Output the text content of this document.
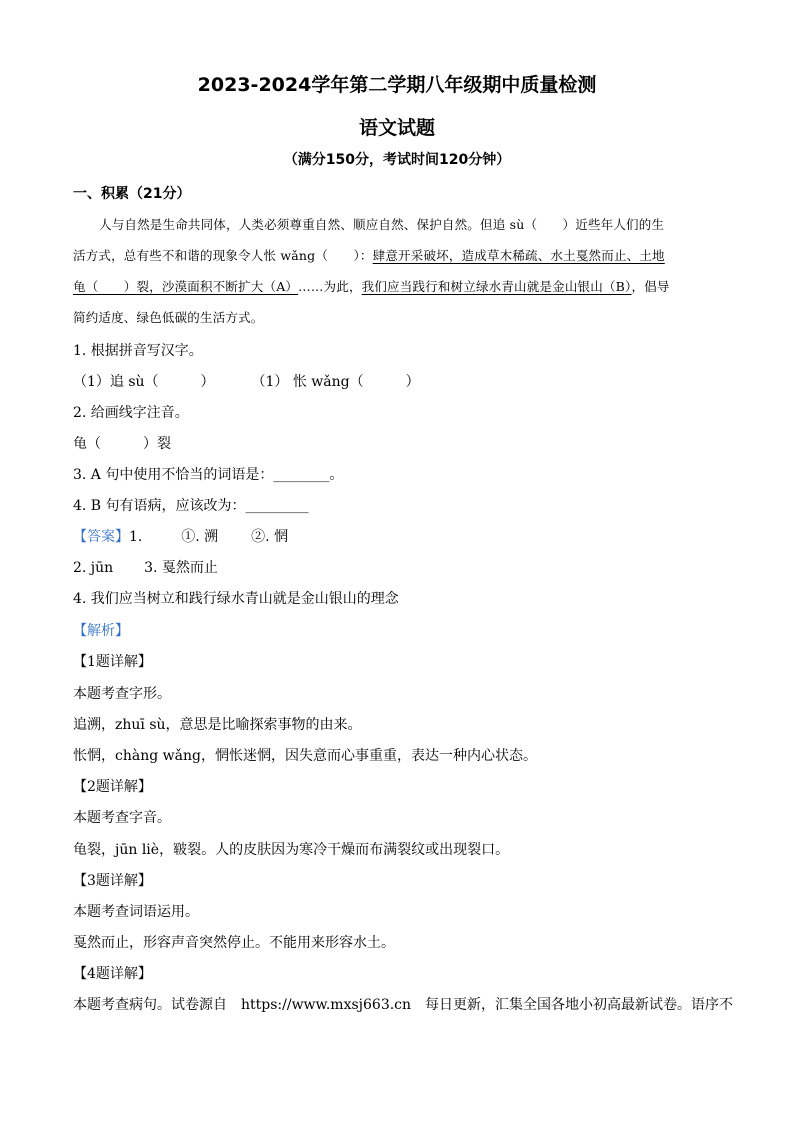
2023-2024学年第二学期八年级期中质量检测
语文试题
（满分150分，考试时间120分钟）
一、积累（21分）

人与自然是生命共同体，人类必须尊重自然、顺应自然、保护自然。但追 sù（　　）近些年人们的生

活方式，总有些不和谐的现象令人怅 wǎng（　　）：肆意开采破坏，造成草木稀疏、水土戛然而止、土地

龟（　　）裂，沙漠面积不断扩大（A）……为此，我们应当践行和树立绿水青山就是金山银山（B），倡导

简约适度、绿色低碳的生活方式。

1. 根据拼音写汉字。
（1）追 sù（　　　）	（1） 怅 wǎng（　　　）
2. 给画线字注音。
龟（　　　）裂
3. A 句中使用不恰当的词语是：________。
4. B 句有语病，应该改为：_________
【答案】1.	①. 溯 ②. 惘
2. jūn 3. 戛然而止
4. 我们应当树立和践行绿水青山就是金山银山的理念
【解析】
【1题详解】
本题考查字形。
追溯，zhuī sù，意思是比喻探索事物的由来。
怅惘，chàng wǎng，惘怅迷惘，因失意而心事重重，表达一种内心状态。
【2题详解】
本题考查字音。
龟裂，jūn liè，皲裂。人的皮肤因为寒冷干燥而布满裂纹或出现裂口。
【3题详解】
本题考查词语运用。
戛然而止，形容声音突然停止。不能用来形容水土。
【4题详解】
本题考查病句。试卷源自　https://www.mxsj663.cn　每日更新，汇集全国各地小初高最新试卷。语序不
